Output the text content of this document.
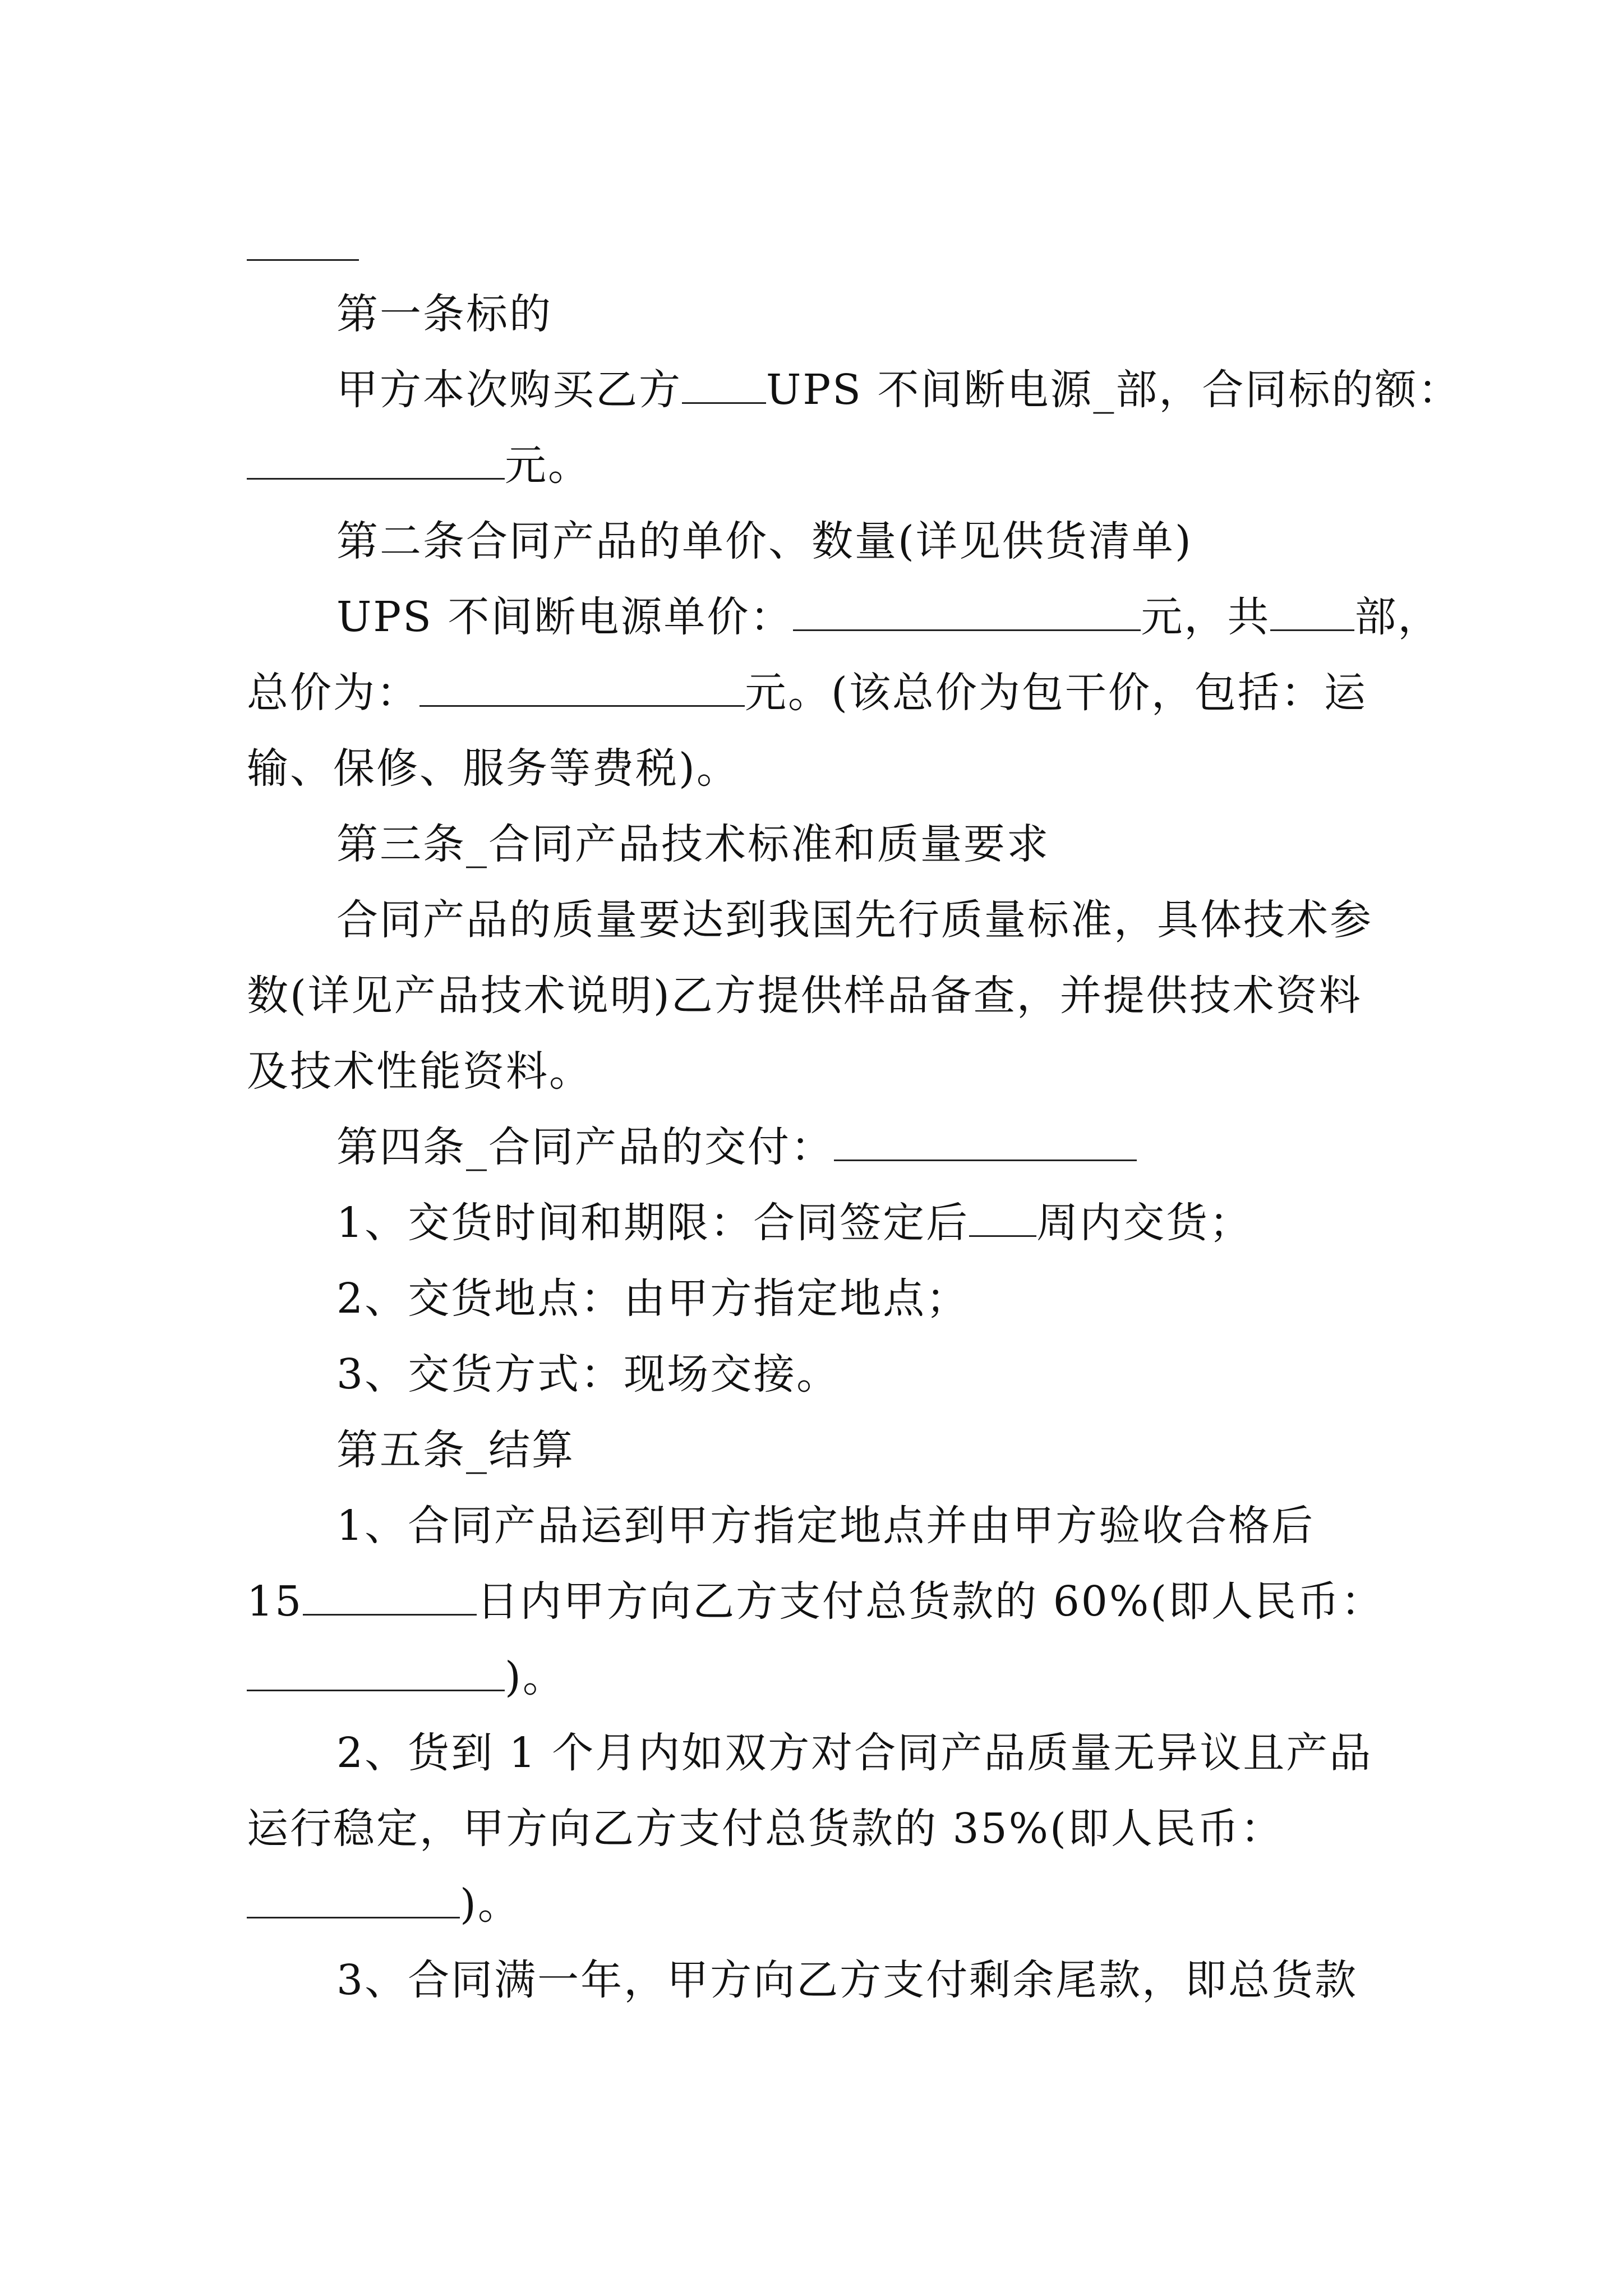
第一条标的
甲方本次购买乙方 UPS 不间断电源_部，合同标的额：
元。
第二条合同产品的单价、数量(详见供货清单)
UPS 不间断电源单价：	元，共 部，
总价为：	元。(该总价为包干价，包括：运
输、保修、服务等费税)。
第三条_合同产品技术标准和质量要求
合同产品的质量要达到我国先行质量标准，具体技术参
数(详见产品技术说明)乙方提供样品备查，并提供技术资料
及技术性能资料。
第四条_合同产品的交付：
1、交货时间和期限：合同签定后 周内交货；
2、交货地点：由甲方指定地点；
3、交货方式：现场交接。
第五条_结算
1、合同产品运到甲方指定地点并由甲方验收合格后
15	日内甲方向乙方支付总货款的 60%(即人民币：
)。
2、货到 1 个月内如双方对合同产品质量无异议且产品
运行稳定，甲方向乙方支付总货款的 35%(即人民币：
)。
3、合同满一年，甲方向乙方支付剩余尾款，即总货款
